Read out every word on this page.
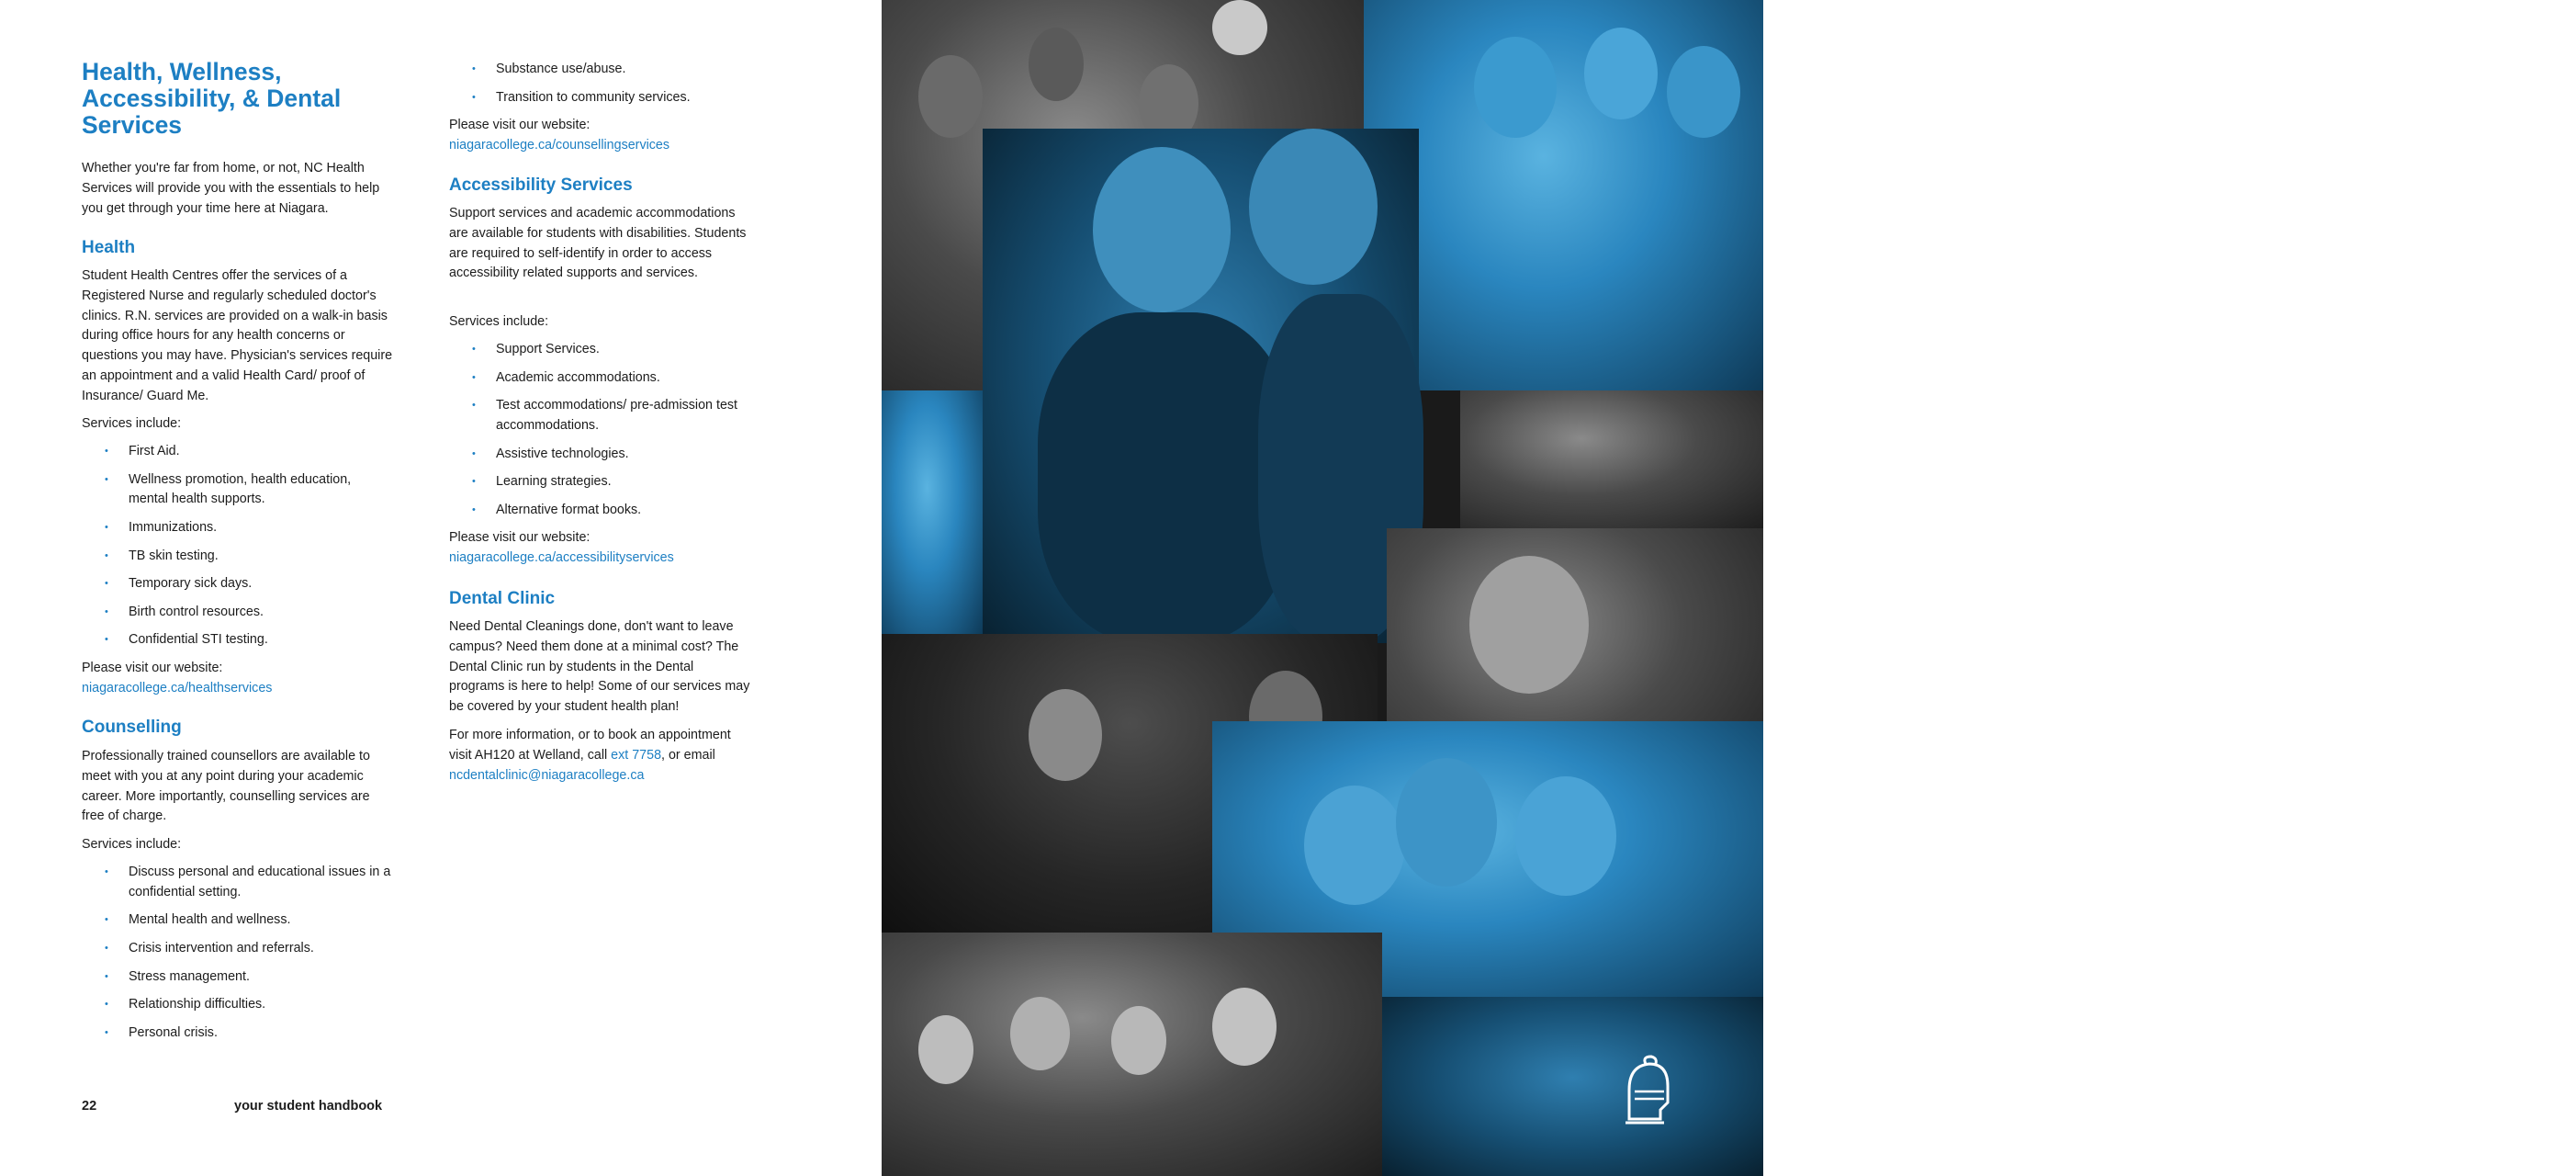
Health, Wellness, Accessibility, & Dental Services

Whether you're far from home, or not, NC Health Services will provide you with the essentials to help you get through your time here at Niagara.

Health

Student Health Centres offer the services of a Registered Nurse and regularly scheduled doctor's clinics. R.N. services are provided on a walk-in basis during office hours for any health concerns or questions you may have. Physician's services require an appointment and a valid Health Card/ proof of Insurance/ Guard Me.

Services include:

• First Aid.
• Wellness promotion, health education, mental health supports.
• Immunizations.
• TB skin testing.
• Temporary sick days.
• Birth control resources.
• Confidential STI testing.

Please visit our website:

niagaracollege.ca/healthservices
Counselling

Professionally trained counsellors are available to meet with you at any point during your academic career. More importantly, counselling services are free of charge.

Services include:

• Discuss personal and educational issues in a confidential setting.
• Mental health and wellness.
• Crisis intervention and referrals.
• Stress management.
• Relationship difficulties.
• Personal crisis.
• Substance use/abuse.
• Transition to community services.

Please visit our website:

niagaracollege.ca/counsellingservices
Accessibility Services

Support services and academic accommodations are available for students with disabilities. Students are required to self-identify in order to access accessibility related supports and services.

Services include:

• Support Services.
• Academic accommodations.
• Test accommodations/ pre-admission test accommodations.
• Assistive technologies.
• Learning strategies.
• Alternative format books.

Please visit our website:

niagaracollege.ca/accessibilityservices
Dental Clinic

Need Dental Cleanings done, don't want to leave campus? Need them done at a minimal cost? The Dental Clinic run by students in the Dental programs is here to help! Some of our services may be covered by your student health plan!

For more information, or to book an appointment visit AH120 at Welland, call ext 7758, or email ncdentalclinic@niagaracollege.ca

22	your student handbook
YOUR TOOLS
